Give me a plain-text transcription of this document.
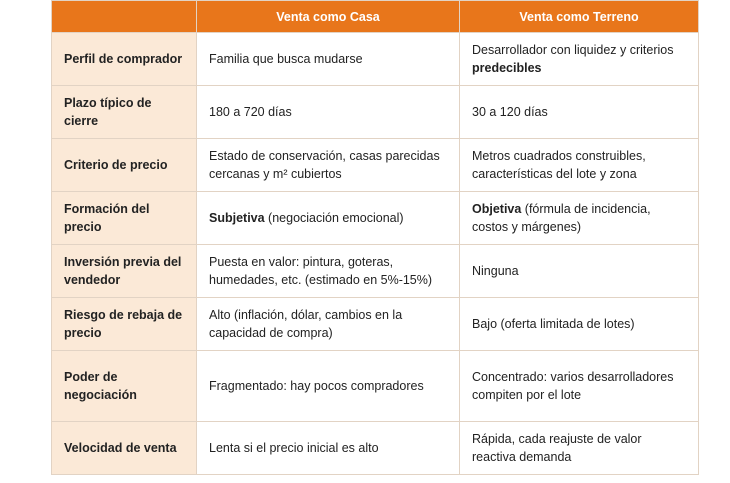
	Venta como Casa	Venta como Terreno
Perfil de comprador	Familia que busca mudarse	Desarrollador con liquidez y criterios predecibles
Plazo típico de cierre	180 a 720 días	30 a 120 días
Criterio de precio	Estado de conservación, casas parecidas cercanas y m² cubiertos	Metros cuadrados construibles, características del lote y zona
Formación del precio	Subjetiva (negociación emocional)	Objetiva (fórmula de incidencia, costos y márgenes)
Inversión previa del vendedor	Puesta en valor: pintura, goteras, humedades, etc. (estimado en 5%-15%)	Ninguna
Riesgo de rebaja de precio	Alto (inflación, dólar, cambios en la capacidad de compra)	Bajo (oferta limitada de lotes)
Poder de negociación	Fragmentado: hay pocos compradores	Concentrado: varios desarrolladores compiten por el lote
Velocidad de venta	Lenta si el precio inicial es alto	Rápida, cada reajuste de valor reactiva demanda
